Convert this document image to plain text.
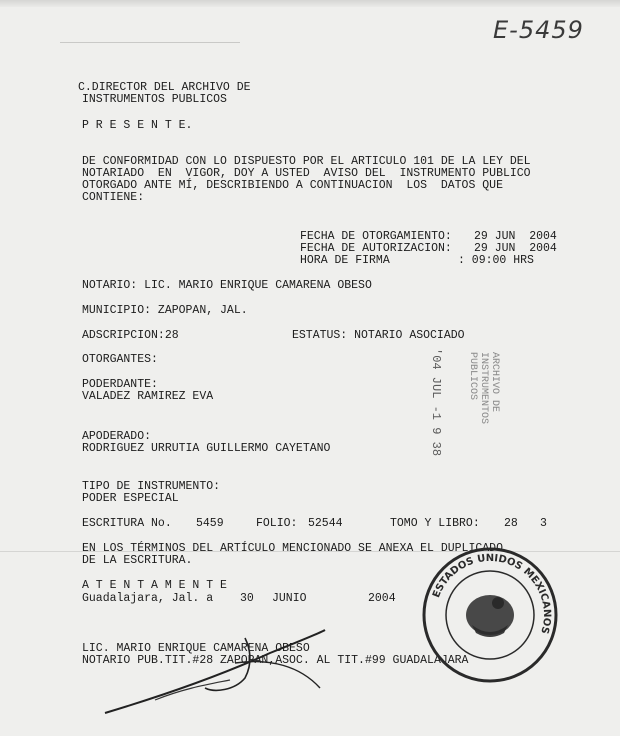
E-5459
C.DIRECTOR DEL ARCHIVO DE
INSTRUMENTOS PUBLICOS
P R E S E N T E.
DE CONFORMIDAD CON LO DISPUESTO POR EL ARTICULO 101 DE LA LEY DEL
NOTARIADO  EN  VIGOR, DOY A USTED  AVISO DEL  INSTRUMENTO PUBLICO
OTORGADO ANTE MÍ, DESCRIBIENDO A CONTINUACION  LOS  DATOS QUE
CONTIENE:
FECHA DE OTORGAMIENTO: 29 JUN  2004
FECHA DE AUTORIZACION: 29 JUN  2004
HORA DE FIRMA	: 09:00 HRS
NOTARIO: LIC. MARIO ENRIQUE CAMARENA OBESO
MUNICIPIO: ZAPOPAN, JAL.
ADSCRIPCION:28	ESTATUS: NOTARIO ASOCIADO
OTORGANTES:
PODERDANTE:
VALADEZ RAMIREZ EVA
APODERADO:
RODRIGUEZ URRUTIA GUILLERMO CAYETANO
TIPO DE INSTRUMENTO:
PODER ESPECIAL
ESCRITURA No. 5459	FOLIO: 52544	TOMO Y LIBRO: 28 3
EN LOS TÉRMINOS DEL ARTÍCULO MENCIONADO SE ANEXA EL DUPLICADO
DE LA ESCRITURA.
A T E N T A M E N T E
Guadalajara, Jal. a 30 JUNIO	2004
LIC. MARIO ENRIQUE CAMARENA OBESO
NOTARIO PUB.TIT.#28 ZAPOPAN,ASOC. AL TIT.#99 GUADALAJARA
'04 JUL -1 9 38	ARCHIVO DE
INSTRUMENTOS
PUBLICOS
ESTADOS UNIDOS MEXICANOS
